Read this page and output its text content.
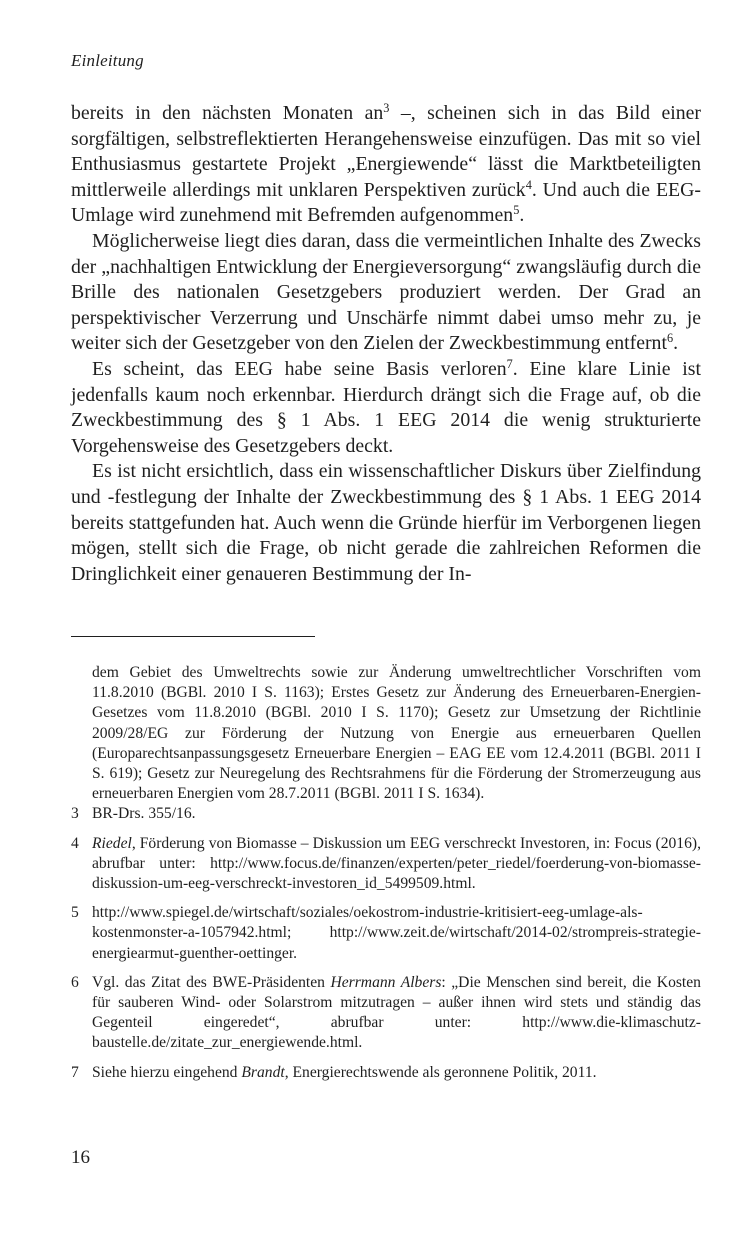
Einleitung

bereits in den nächsten Monaten $an^3$ –, scheinen sich in das Bild einer sorgfältigen, selbstreflektierten Herangehensweise einzufügen. Das mit so viel Enthusiasmus gestartete Projekt „Energiewende“ lässt die Marktbeteiligten mittlerweile allerdings mit unklaren Perspektiven zurück$^4$. Und auch die EEG-Umlage wird zunehmend mit Befremden aufgenommen$^5$.

Möglicherweise liegt dies daran, dass die vermeintlichen Inhalte des Zwecks der „nachhaltigen Entwicklung der Energieversorgung“ zwangsläufig durch die Brille des nationalen Gesetzgebers produziert werden. Der Grad an perspektivischer Verzerrung und Unschärfe nimmt dabei umso mehr zu, je weiter sich der Gesetzgeber von den Zielen der Zweckbestimmung entfernt$^6$.

Es scheint, das EEG habe seine Basis verloren$^7$. Eine klare Linie ist jedenfalls kaum noch erkennbar. Hierdurch drängt sich die Frage auf, ob die Zweckbestimmung des § 1 Abs. 1 EEG 2014 die wenig strukturierte Vorgehensweise des Gesetzgebers deckt.

Es ist nicht ersichtlich, dass ein wissenschaftlicher Diskurs über Zielfindung und -festlegung der Inhalte der Zweckbestimmung des § 1 Abs. 1 EEG 2014 bereits stattgefunden hat. Auch wenn die Gründe hierfür im Verborgenen liegen mögen, stellt sich die Frage, ob nicht gerade die zahlreichen Reformen die Dringlichkeit einer genaueren Bestimmung der In-

dem Gebiet des Umweltrechts sowie zur Änderung umweltrechtlicher Vorschriften vom 11.8.2010 (BGBl. 2010 I S. 1163); Erstes Gesetz zur Änderung des Erneuerbaren-Energien-Gesetzes vom 11.8.2010 (BGBl. 2010 I S. 1170); Gesetz zur Umsetzung der Richtlinie 2009/28/EG zur Förderung der Nutzung von Energie aus erneuerbaren Quellen (Europarechtsanpassungsgesetz Erneuerbare Energien – EAG EE vom 12.4.2011 (BGBl. 2011 I S. 619); Gesetz zur Neuregelung des Rechtsrahmens für die Förderung der Stromerzeugung aus erneuerbaren Energien vom 28.7.2011 (BGBl. 2011 I S. 1634).
3 BR-Drs. 355/16.
4 Riedel, Förderung von Biomasse – Diskussion um EEG verschreckt Investoren, in: Focus (2016), abrufbar unter: http://www.focus.de/finanzen/experten/peter_riedel/foerderung-von-biomasse-diskussion-um-eeg-verschreckt-investoren_id_5499509.html.
5 http://www.spiegel.de/wirtschaft/soziales/oekostrom-industrie-kritisiert-eeg-umlage-als-kostenmonster-a-1057942.html; http://www.zeit.de/wirtschaft/2014-02/strompreis-strategie-energiearmut-guenther-oettinger.
6 Vgl. das Zitat des BWE-Präsidenten Herrmann Albers: „Die Menschen sind bereit, die Kosten für sauberen Wind- oder Solarstrom mitzutragen – außer ihnen wird stets und ständig das Gegenteil eingeredet“, abrufbar unter: http://www.die-klimaschutz-baustelle.de/zitate_zur_energiewende.html.
7 Siehe hierzu eingehend Brandt, Energierechtswende als geronnene Politik, 2011.
16
